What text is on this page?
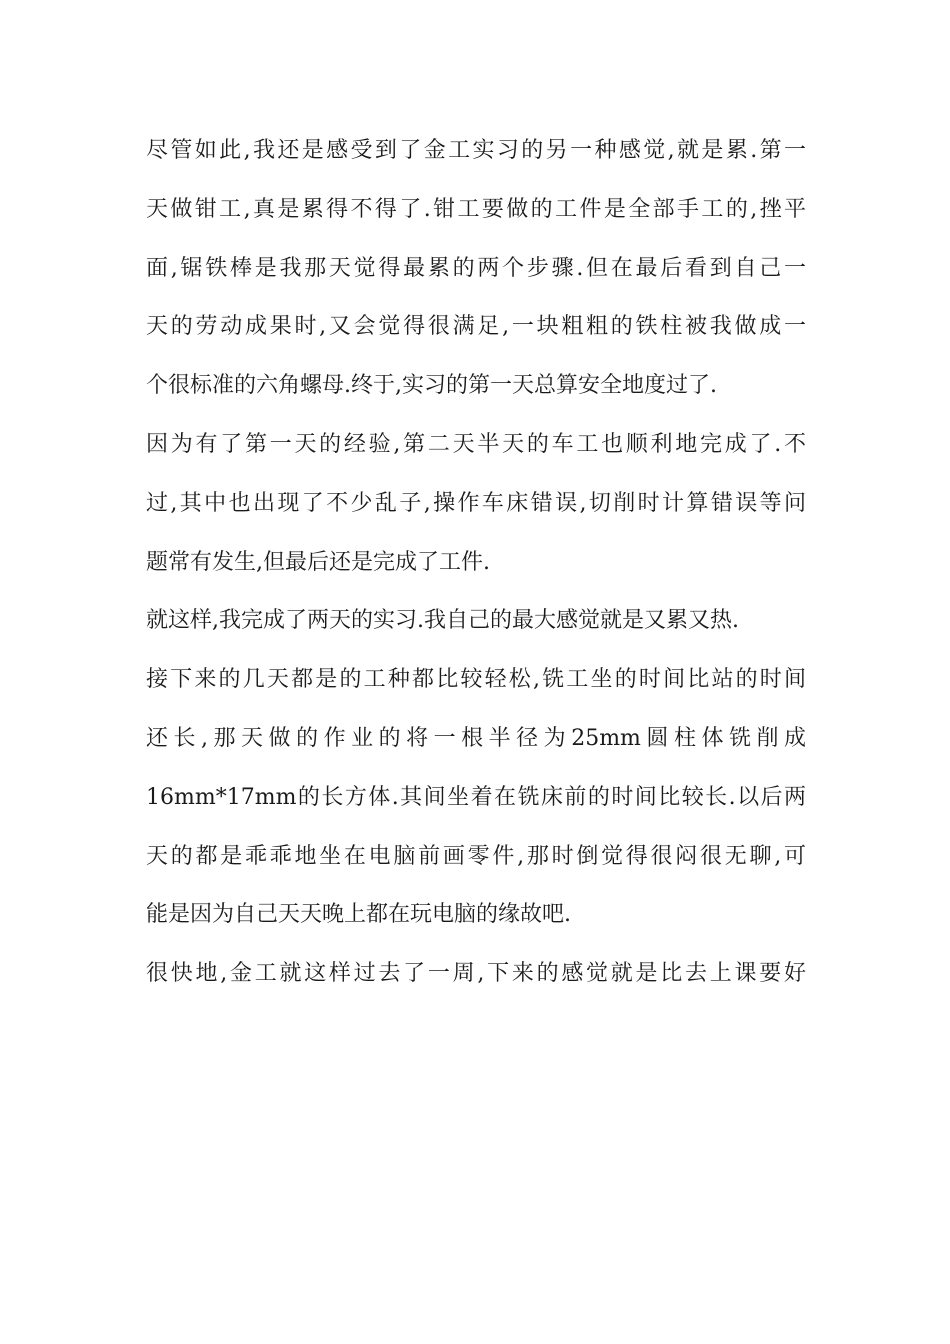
尽管如此,我还是感受到了金工实习的另一种感觉,就是累.第一
天做钳工,真是累得不得了.钳工要做的工件是全部手工的,挫平
面,锯铁棒是我那天觉得最累的两个步骤.但在最后看到自己一
天的劳动成果时,又会觉得很满足,一块粗粗的铁柱被我做成一
个很标准的六角螺母.终于,实习的第一天总算安全地度过了.
因为有了第一天的经验,第二天半天的车工也顺利地完成了.不
过,其中也出现了不少乱子,操作车床错误,切削时计算错误等问
题常有发生,但最后还是完成了工件.
就这样,我完成了两天的实习.我自己的最大感觉就是又累又热.
接下来的几天都是的工种都比较轻松,铣工坐的时间比站的时间
还长,那天做的作业的将一根半径为25mm圆柱体铣削成
16mm*17mm的长方体.其间坐着在铣床前的时间比较长.以后两
天的都是乖乖地坐在电脑前画零件,那时倒觉得很闷很无聊,可
能是因为自己天天晚上都在玩电脑的缘故吧.
很快地,金工就这样过去了一周,下来的感觉就是比去上课要好
